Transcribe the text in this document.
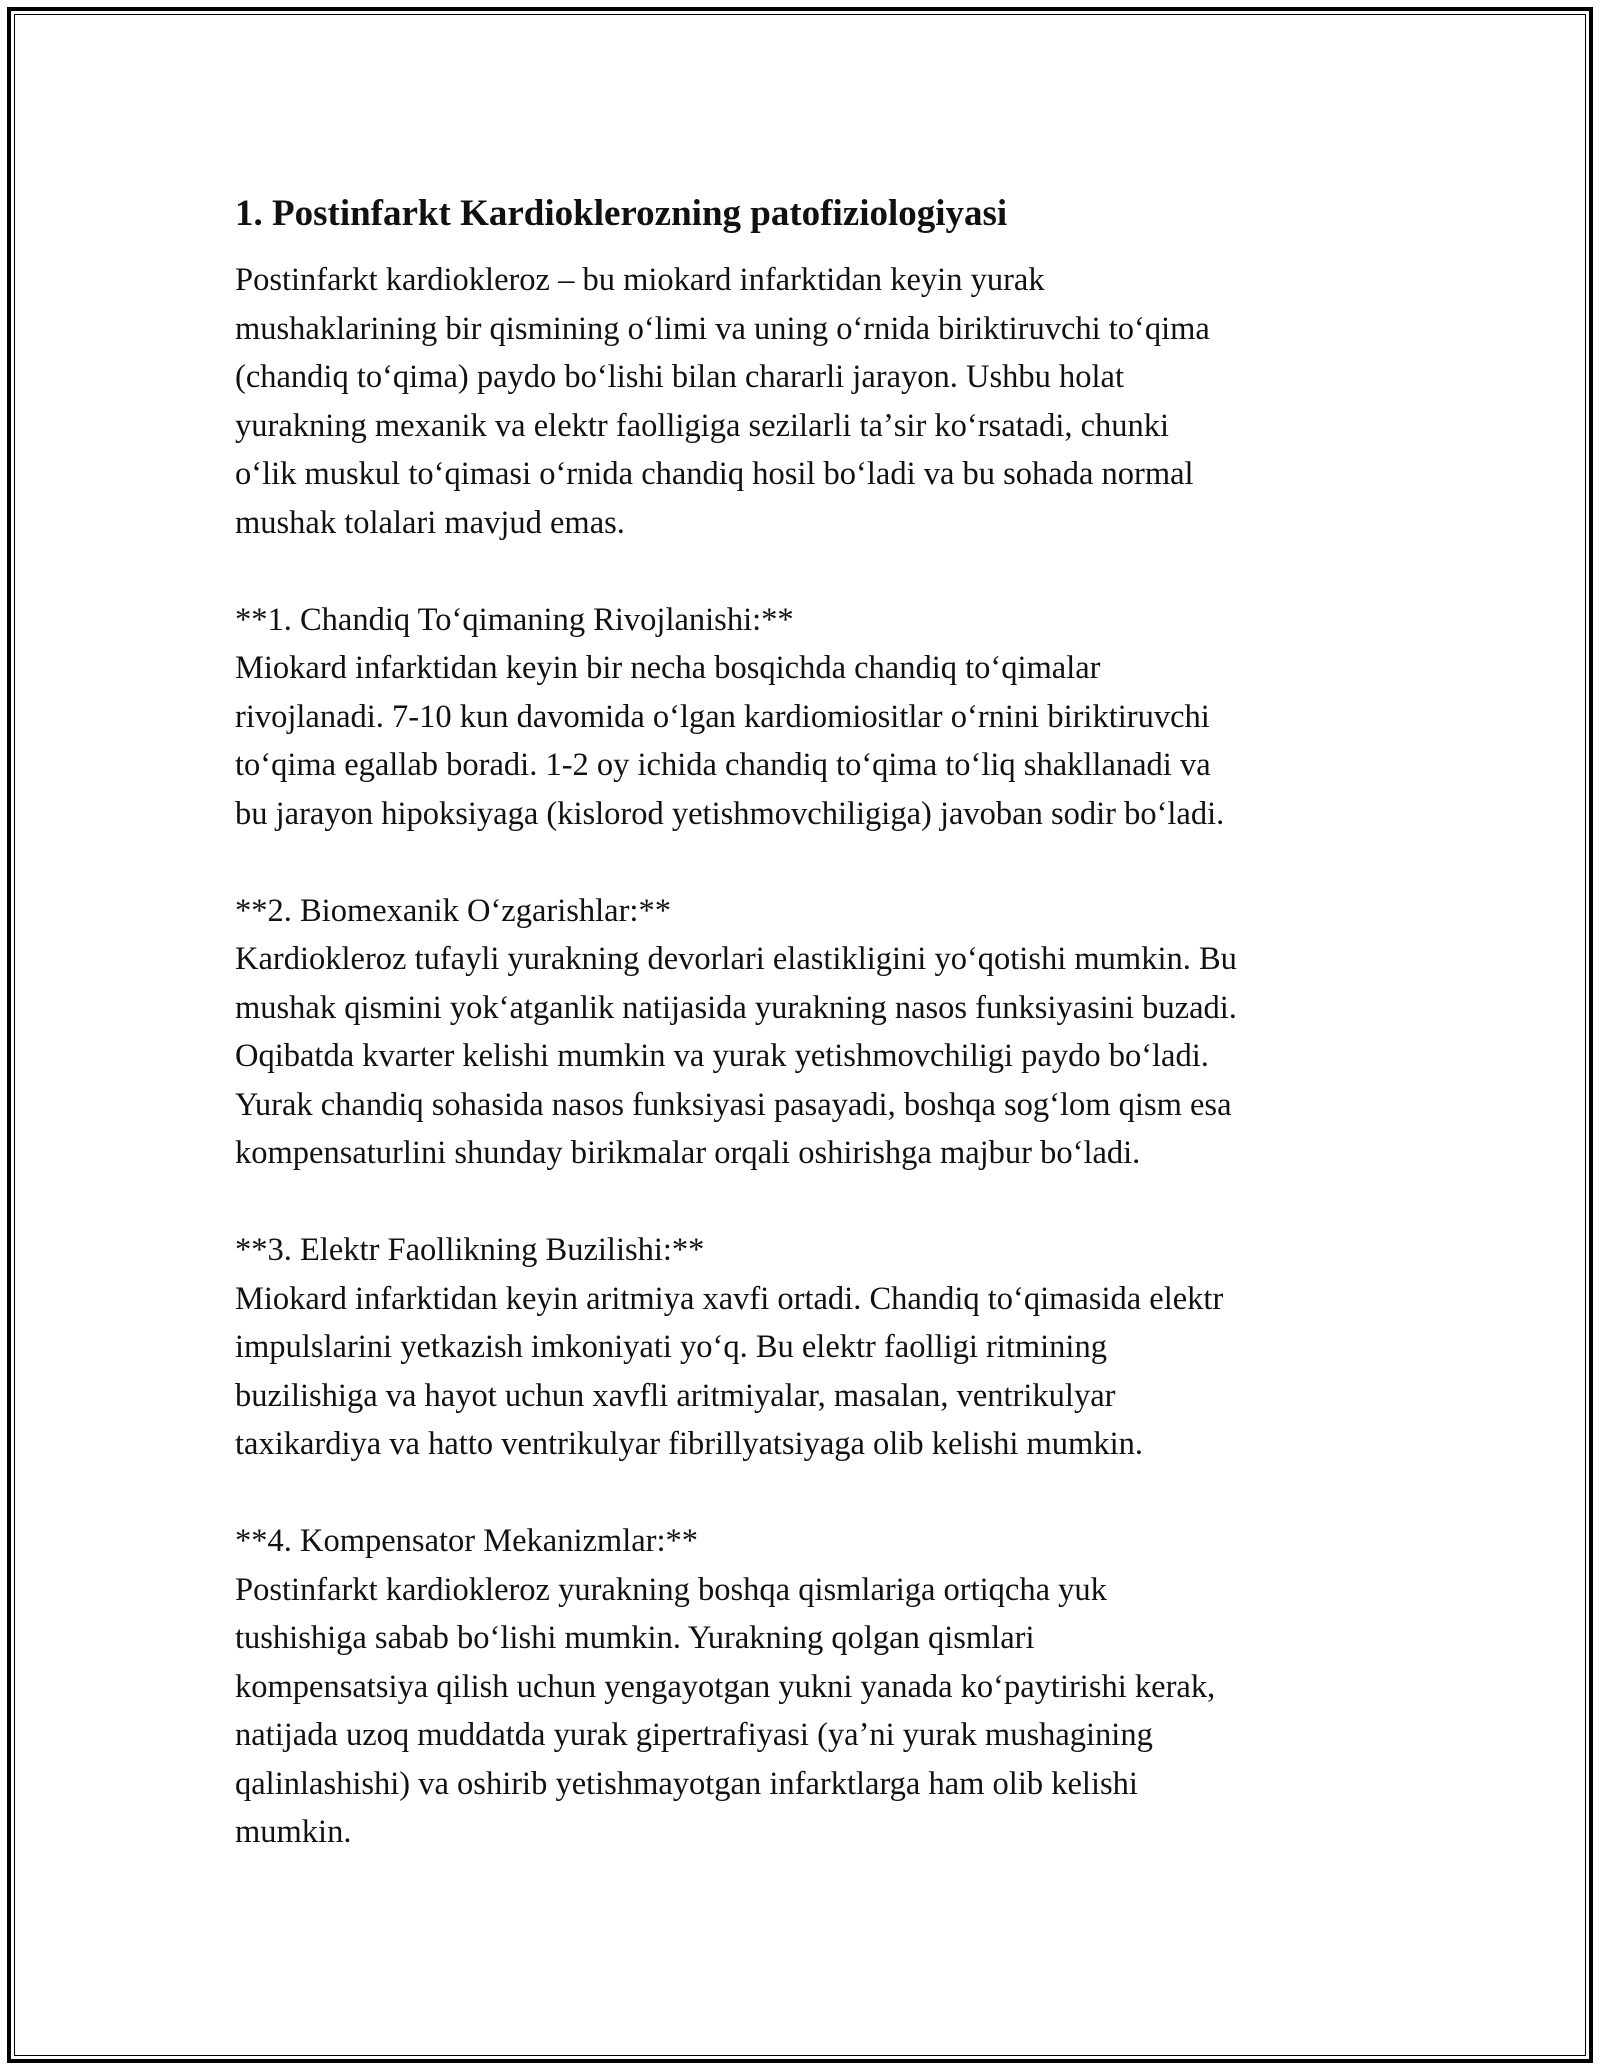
1. Postinfarkt Kardioklerozning patofiziologiyasi
Postinfarkt kardiokleroz – bu miokard infarktidan keyin yurak
mushaklarining bir qismining oʻlimi va uning oʻrnida biriktiruvchi toʻqima
(chandiq toʻqima) paydo boʻlishi bilan chararli jarayon. Ushbu holat
yurakning mexanik va elektr faolligiga sezilarli taʼsir koʻrsatadi, chunki
oʻlik muskul toʻqimasi oʻrnida chandiq hosil boʻladi va bu sohada normal
mushak tolalari mavjud emas.
**1. Chandiq Toʻqimaning Rivojlanishi:**
Miokard infarktidan keyin bir necha bosqichda chandiq toʻqimalar
rivojlanadi. 7-10 kun davomida oʻlgan kardiomiositlar oʻrnini biriktiruvchi
toʻqima egallab boradi. 1-2 oy ichida chandiq toʻqima toʻliq shakllanadi va
bu jarayon hipoksiyaga (kislorod yetishmovchiligiga) javoban sodir boʻladi.
**2. Biomexanik Oʻzgarishlar:**
Kardiokleroz tufayli yurakning devorlari elastikligini yoʻqotishi mumkin. Bu
mushak qismini yokʻatganlik natijasida yurakning nasos funksiyasini buzadi.
Oqibatda kvarter kelishi mumkin va yurak yetishmovchiligi paydo boʻladi.
Yurak chandiq sohasida nasos funksiyasi pasayadi, boshqa sogʻlom qism esa
kompensaturlini shunday birikmalar orqali oshirishga majbur boʻladi.
**3. Elektr Faollikning Buzilishi:**
Miokard infarktidan keyin aritmiya xavfi ortadi. Chandiq toʻqimasida elektr
impulslarini yetkazish imkoniyati yoʻq. Bu elektr faolligi ritmining
buzilishiga va hayot uchun xavfli aritmiyalar, masalan, ventrikulyar
taxikardiya va hatto ventrikulyar fibrillyatsiyaga olib kelishi mumkin.
**4. Kompensator Mekanizmlar:**
Postinfarkt kardiokleroz yurakning boshqa qismlariga ortiqcha yuk
tushishiga sabab boʻlishi mumkin. Yurakning qolgan qismlari
kompensatsiya qilish uchun yengayotgan yukni yanada koʻpaytirishi kerak,
natijada uzoq muddatda yurak gipertrafiyasi (yaʼni yurak mushagining
qalinlashishi) va oshirib yetishmayotgan infarktlarga ham olib kelishi
mumkin.
